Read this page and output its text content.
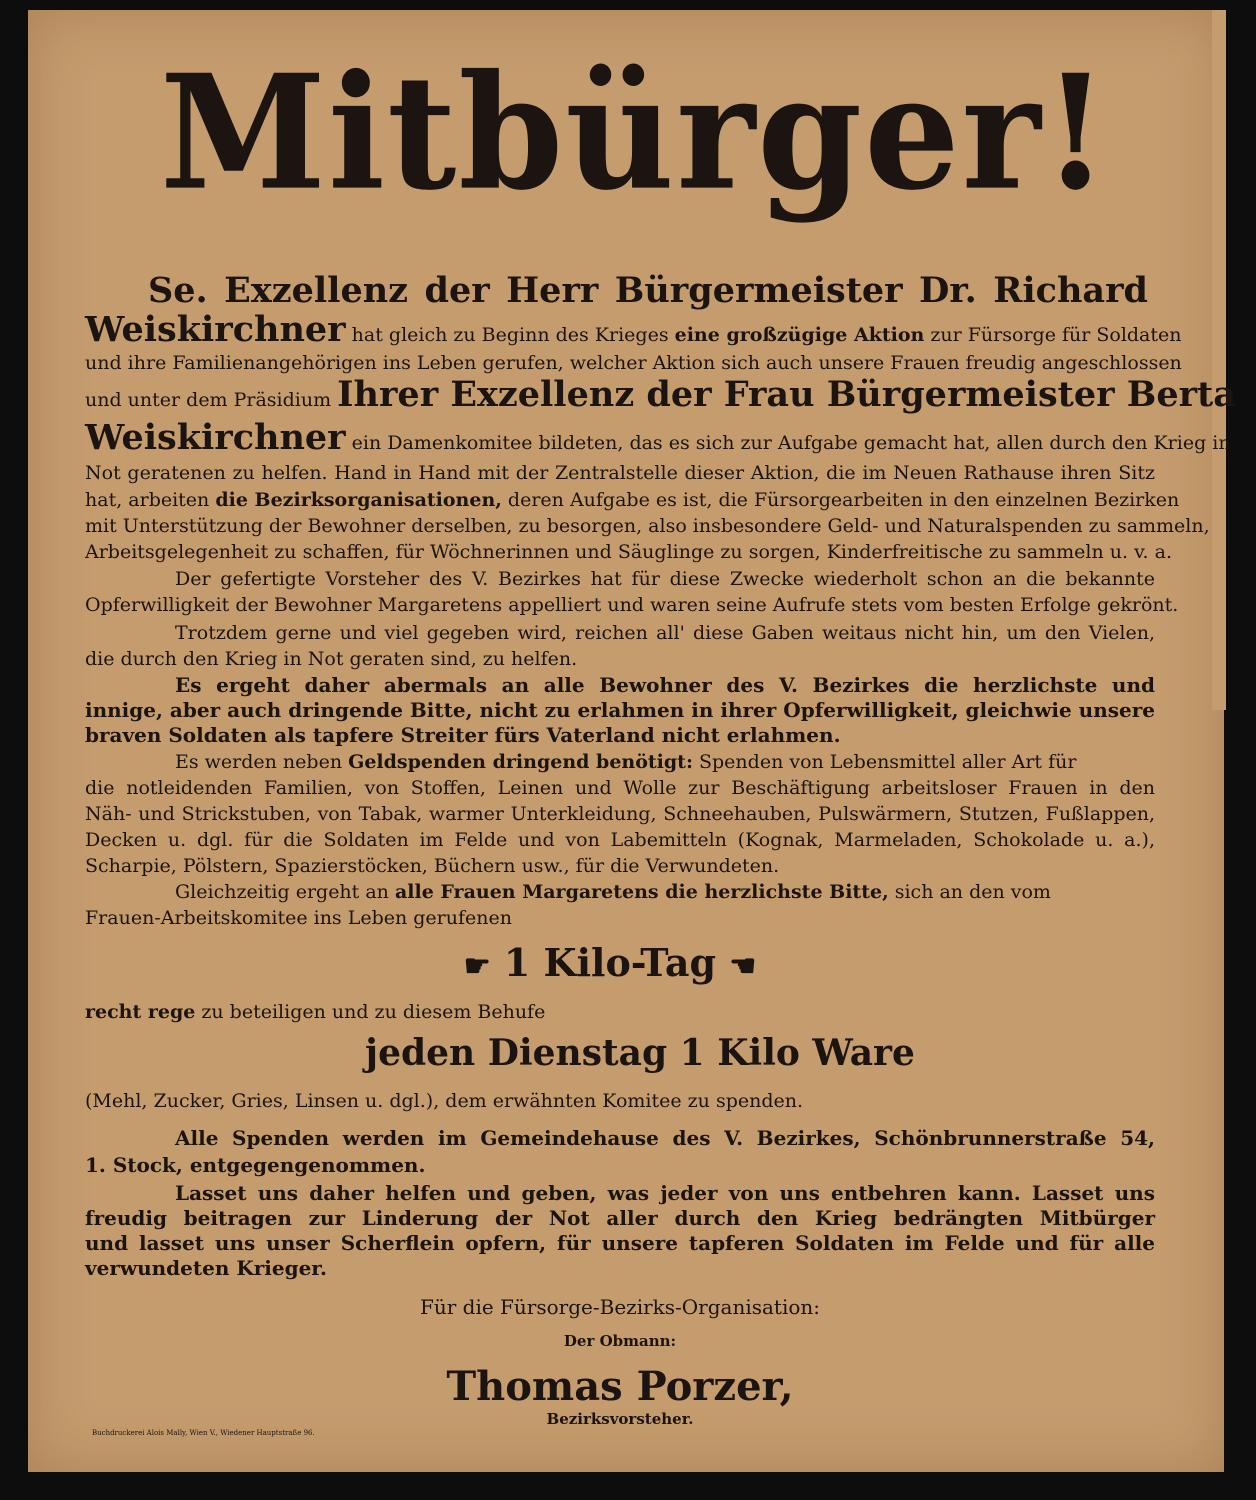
Mitbürger!
Se. Exzellenz der Herr Bürgermeister Dr. Richard
Weiskirchner hat gleich zu Beginn des Krieges eine großzügige Aktion zur Fürsorge für Soldaten
und ihre Familienangehörigen ins Leben gerufen, welcher Aktion sich auch unsere Frauen freudig angeschlossen
und unter dem Präsidium Ihrer Exzellenz der Frau Bürgermeister Berta
Weiskirchner ein Damenkomitee bildeten, das es sich zur Aufgabe gemacht hat, allen durch den Krieg in
Not geratenen zu helfen. Hand in Hand mit der Zentralstelle dieser Aktion, die im Neuen Rathause ihren Sitz
hat, arbeiten die Bezirksorganisationen, deren Aufgabe es ist, die Fürsorgearbeiten in den einzelnen Bezirken
mit Unterstützung der Bewohner derselben, zu besorgen, also insbesondere Geld- und Naturalspenden zu sammeln,
Arbeitsgelegenheit zu schaffen, für Wöchnerinnen und Säuglinge zu sorgen, Kinderfreitische zu sammeln u. v. a.
Der gefertigte Vorsteher des V. Bezirkes hat für diese Zwecke wiederholt schon an die bekannte
Opferwilligkeit der Bewohner Margaretens appelliert und waren seine Aufrufe stets vom besten Erfolge gekrönt.
Trotzdem gerne und viel gegeben wird, reichen all' diese Gaben weitaus nicht hin, um den Vielen,
die durch den Krieg in Not geraten sind, zu helfen.
Es ergeht daher abermals an alle Bewohner des V. Bezirkes die herzlichste und
innige, aber auch dringende Bitte, nicht zu erlahmen in ihrer Opferwilligkeit, gleichwie unsere
braven Soldaten als tapfere Streiter fürs Vaterland nicht erlahmen.
Es werden neben Geldspenden dringend benötigt: Spenden von Lebensmittel aller Art für
die notleidenden Familien, von Stoffen, Leinen und Wolle zur Beschäftigung arbeitsloser Frauen in den
Näh- und Strickstuben, von Tabak, warmer Unterkleidung, Schneehauben, Pulswärmern, Stutzen, Fußlappen,
Decken u. dgl. für die Soldaten im Felde und von Labemitteln (Kognak, Marmeladen, Schokolade u. a.),
Scharpie, Pölstern, Spazierstöcken, Büchern usw., für die Verwundeten.
Gleichzeitig ergeht an alle Frauen Margaretens die herzlichste Bitte, sich an den vom
Frauen-Arbeitskomitee ins Leben gerufenen
☛ 1 Kilo-Tag ☚
recht rege zu beteiligen und zu diesem Behufe
jeden Dienstag 1 Kilo Ware
(Mehl, Zucker, Gries, Linsen u. dgl.), dem erwähnten Komitee zu spenden.
Alle Spenden werden im Gemeindehause des V. Bezirkes, Schönbrunnerstraße 54,
1. Stock, entgegengenommen.
Lasset uns daher helfen und geben, was jeder von uns entbehren kann. Lasset uns
freudig beitragen zur Linderung der Not aller durch den Krieg bedrängten Mitbürger
und lasset uns unser Scherflein opfern, für unsere tapferen Soldaten im Felde und für alle
verwundeten Krieger.
Für die Fürsorge-Bezirks-Organisation:
Der Obmann:
Thomas Porzer,
Bezirksvorsteher.
Buchdruckerei Alois Mally, Wien V., Wiedener Hauptstraße 96.
